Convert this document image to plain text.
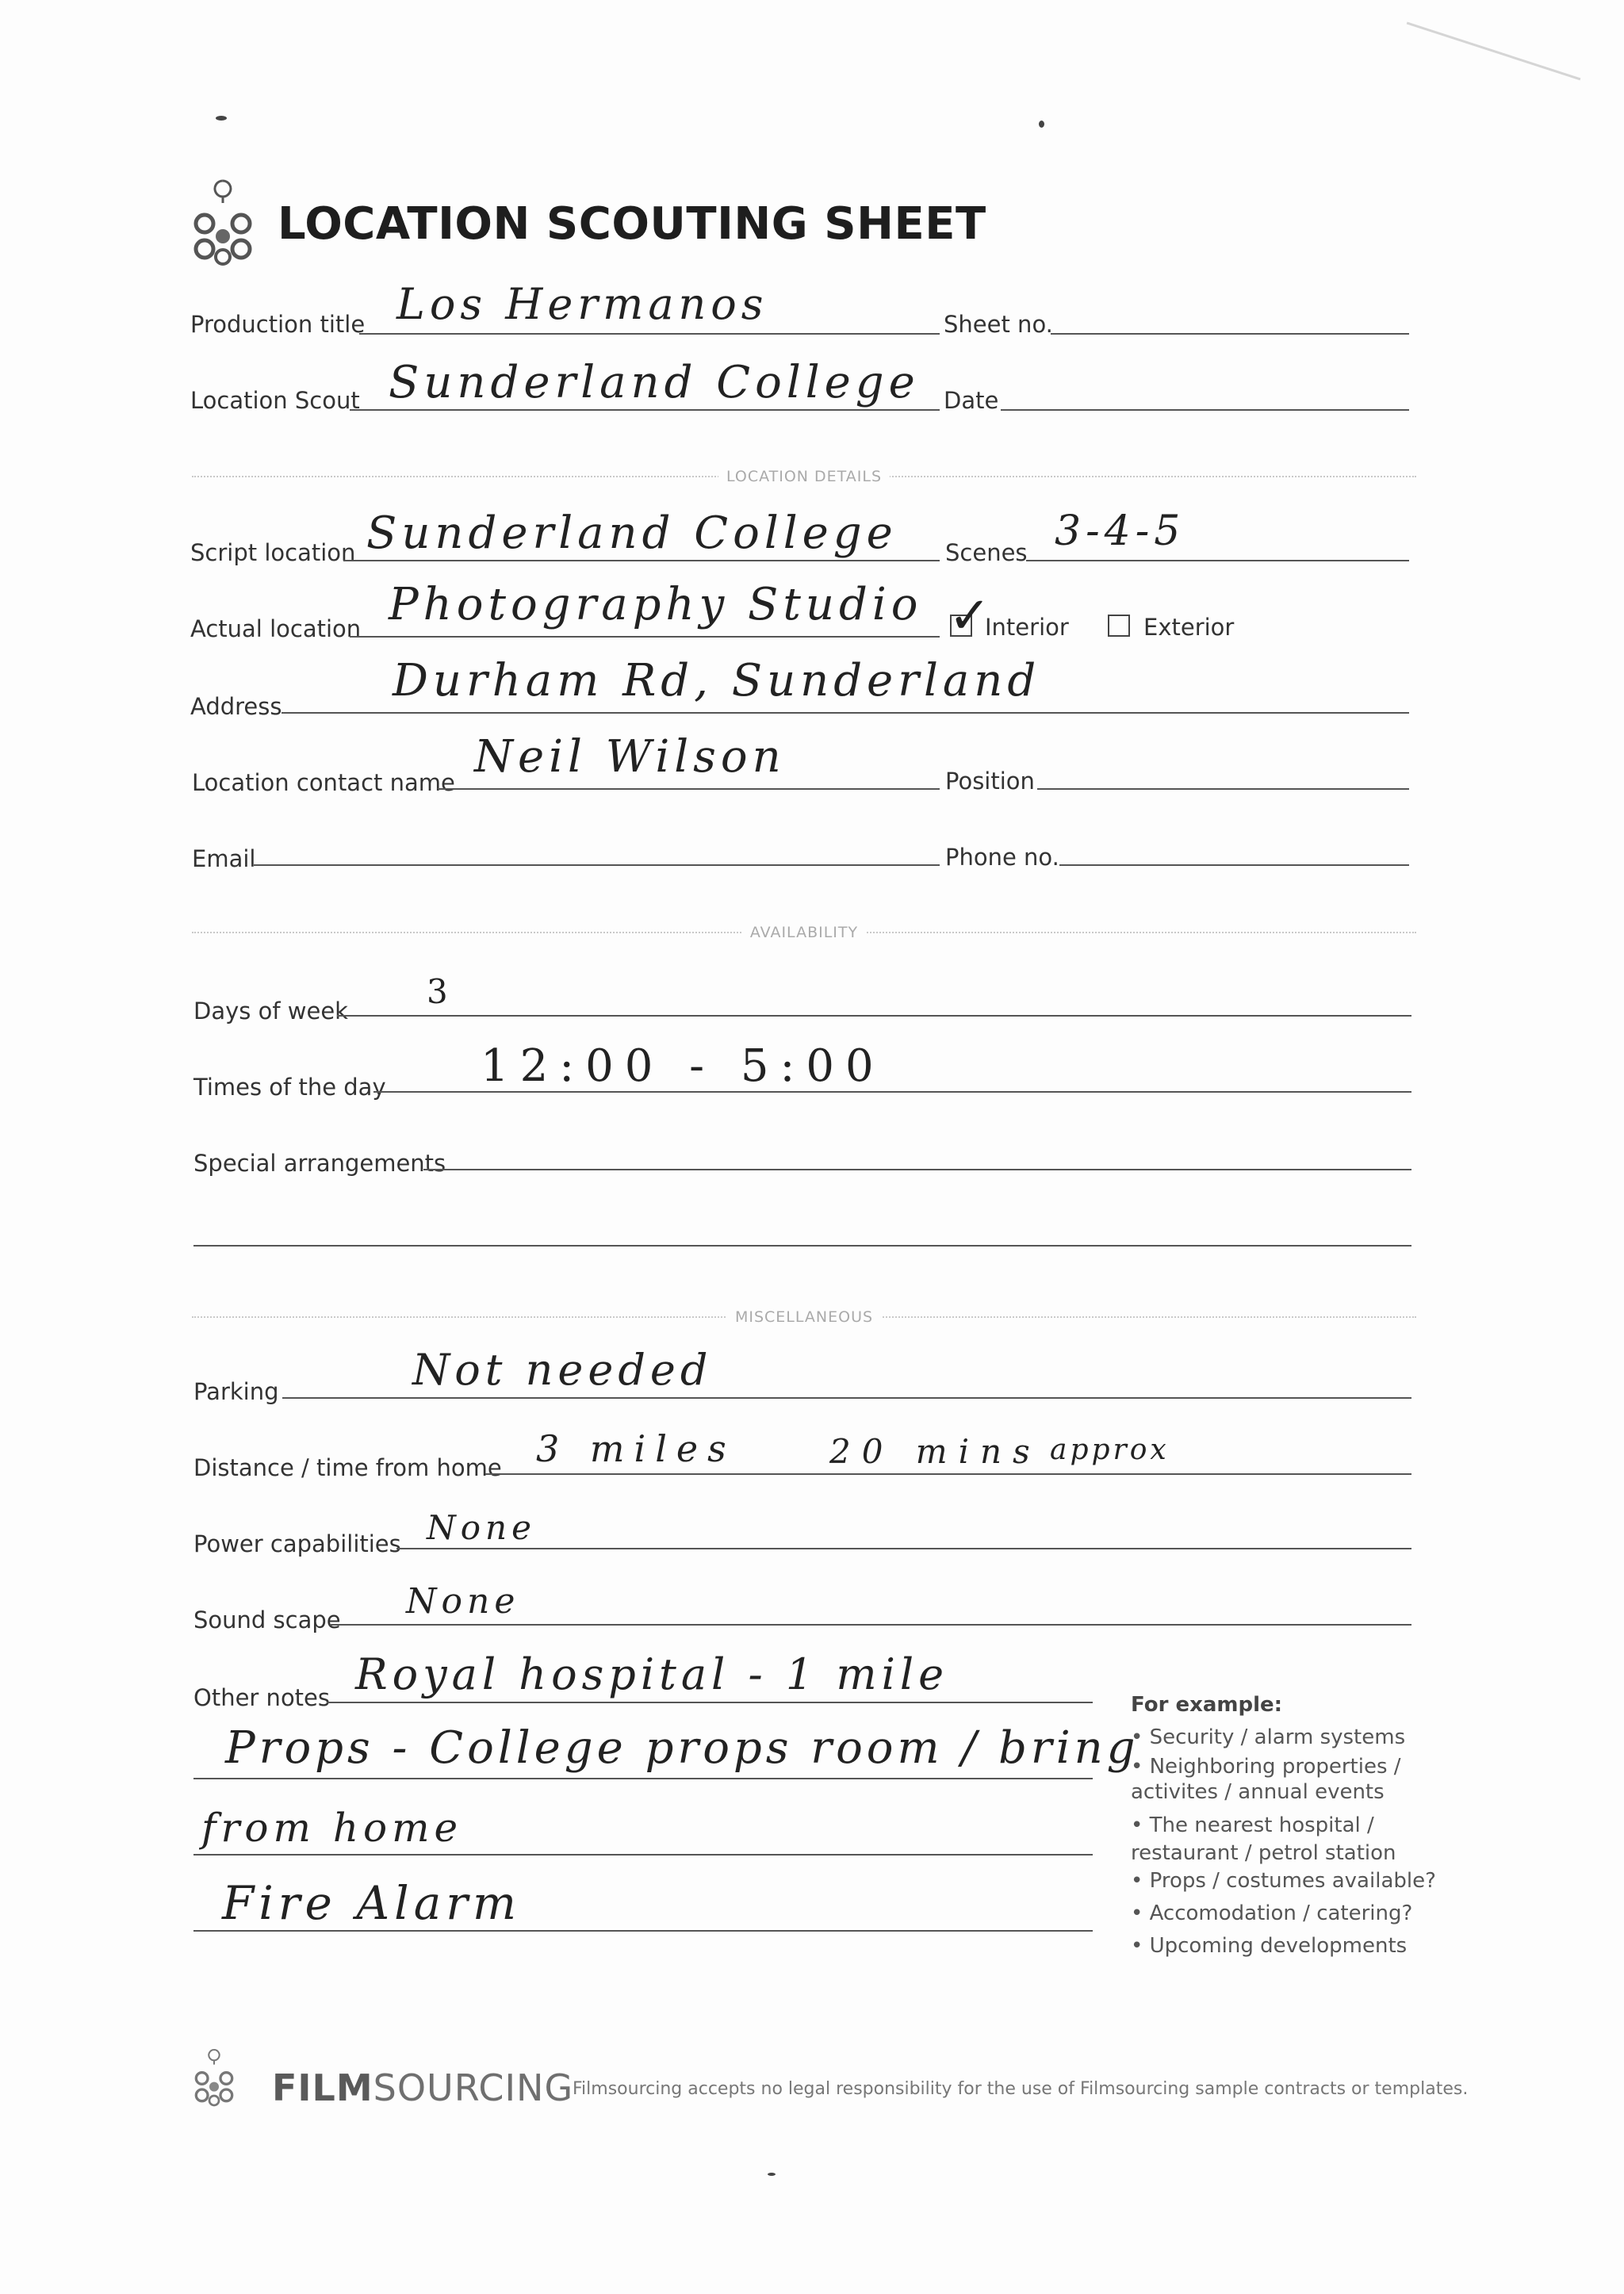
LOCATION SCOUTING SHEET
Production title Los Hermanos	Sheet no.
Location Scout Sunderland College Date
LOCATION DETAILS
Script location Sunderland College Scenes 3-4-5
Actual location Photography Studio ✓
Interior	Exterior
Address Durham Rd, Sunderland
Location contact name Neil Wilson	Position
Email	Phone no.
AVAILABILITY
Days of week 3
Times of the day 12:00 - 5:00
Special arrangements
MISCELLANEOUS
Parking	Not needed
Distance / time from home 3 miles	20 mins approx
Power capabilities None
Sound scape None
Other notes Royal hospital - 1 mile
Props - College props room / bring
from home
Fire Alarm
For example:
• Security / alarm systems
• Neighboring properties /
activites / annual events
• The nearest hospital /
restaurant / petrol station
• Props / costumes available?
• Accomodation / catering?
• Upcoming developments
FILMSOURCING
Filmsourcing accepts no legal responsibility for the use of Filmsourcing sample contracts or templates.
